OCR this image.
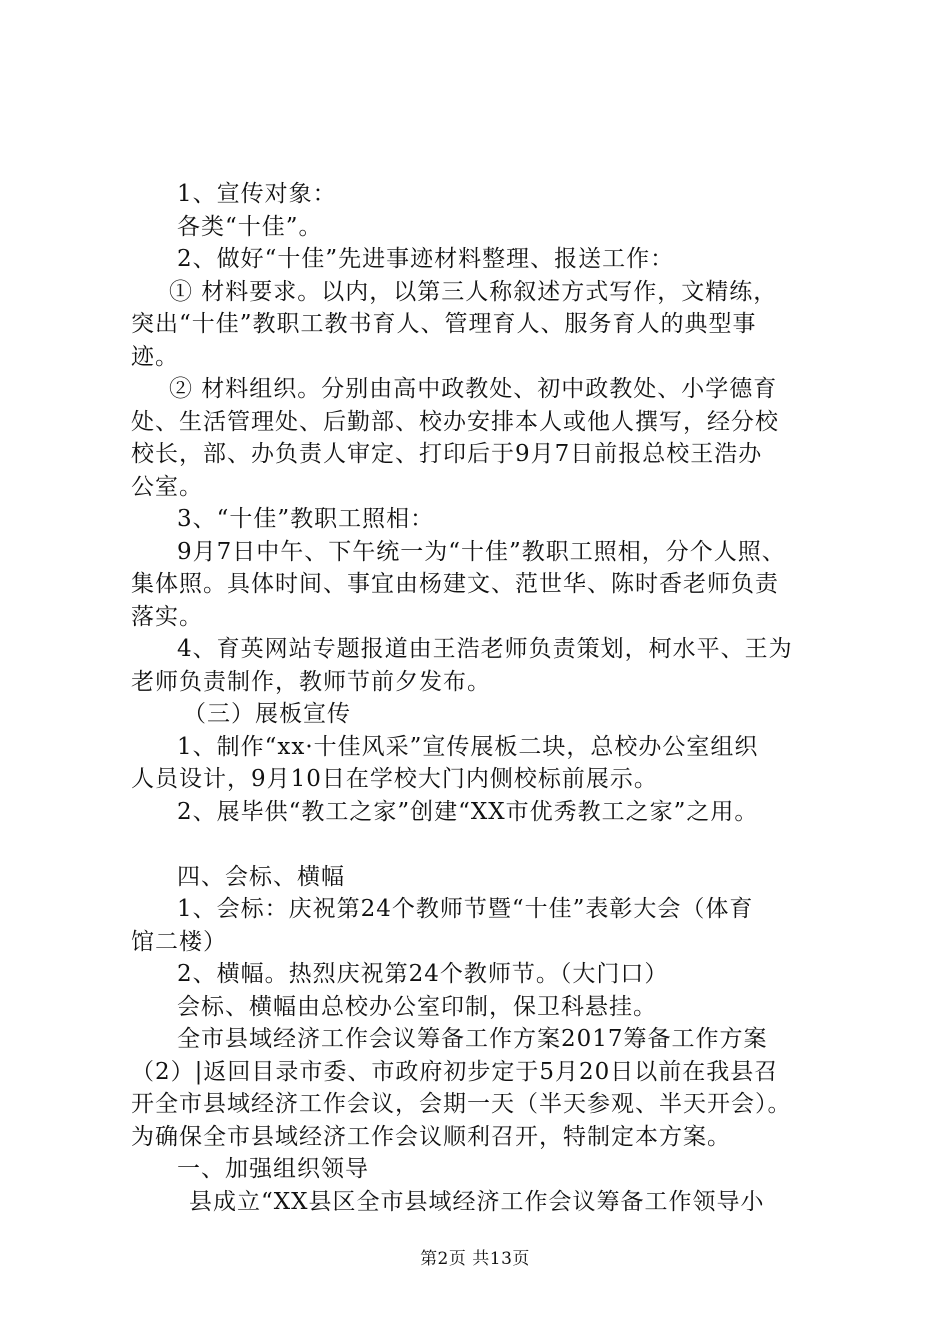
1、宣传对象：
各类“十佳”。
2、做好“十佳”先进事迹材料整理、报送工作：
① 材料要求。以内，以第三人称叙述方式写作，文精练，
突出“十佳”教职工教书育人、管理育人、服务育人的典型事
迹。
② 材料组织。分别由高中政教处、初中政教处、小学德育
处、生活管理处、后勤部、校办安排本人或他人撰写，经分校
校长，部、办负责人审定、打印后于9月7日前报总校王浩办
公室。
3、“十佳”教职工照相：
9月7日中午、下午统一为“十佳”教职工照相，分个人照、
集体照。具体时间、事宜由杨建文、范世华、陈时香老师负责
落实。
4、育英网站专题报道由王浩老师负责策划，柯水平、王为
老师负责制作，教师节前夕发布。
（三）展板宣传
1、制作“xx·十佳风采”宣传展板二块，总校办公室组织
人员设计，9月10日在学校大门内侧校标前展示。
2、展毕供“教工之家”创建“XX市优秀教工之家”之用。
四、会标、横幅
1、会标：庆祝第24个教师节暨“十佳”表彰大会（体育
馆二楼）
2、横幅。热烈庆祝第24个教师节。（大门口）
会标、横幅由总校办公室印制，保卫科悬挂。
全市县域经济工作会议筹备工作方案2017筹备工作方案
（2）|返回目录市委、市政府初步定于5月20日以前在我县召
开全市县域经济工作会议，会期一天（半天参观、半天开会）。
为确保全市县域经济工作会议顺利召开，特制定本方案。
一、加强组织领导
县成立“XX县区全市县域经济工作会议筹备工作领导小
第2页 共13页
